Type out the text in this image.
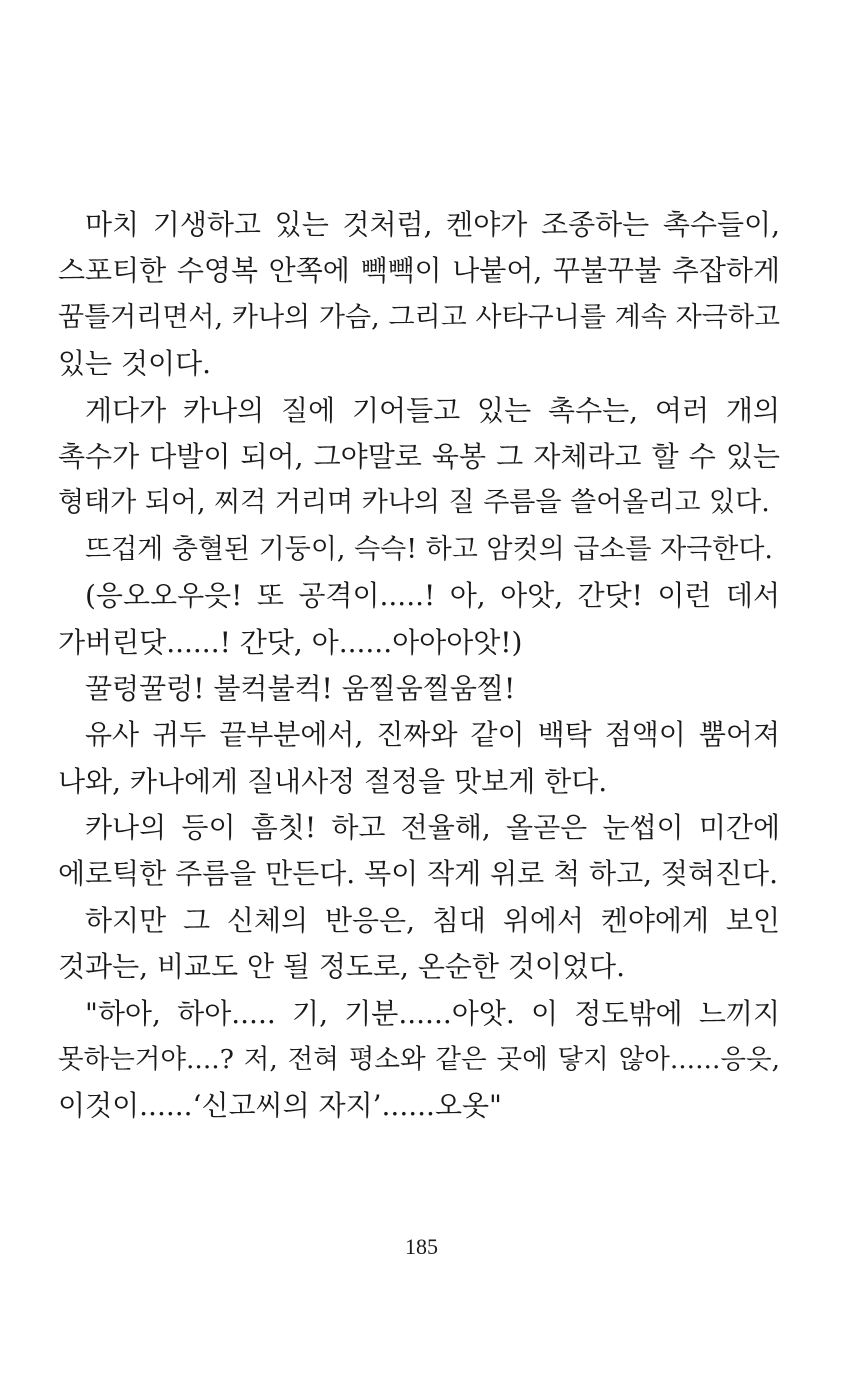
마치 기생하고 있는 것처럼, 켄야가 조종하는 촉수들이,
스포티한 수영복 안쪽에 빽빽이 나붙어, 꾸불꾸불 추잡하게
꿈틀거리면서, 카나의 가슴, 그리고 사타구니를 계속 자극하고
있는 것이다.

게다가 카나의 질에 기어들고 있는 촉수는, 여러 개의
촉수가 다발이 되어, 그야말로 육봉 그 자체라고 할 수 있는
형태가 되어, 찌걱 거리며 카나의 질 주름을 쓸어올리고 있다.

뜨겁게 충혈된 기둥이, 슥슥! 하고 암컷의 급소를 자극한다.

(응오오우읏! 또 공격이.....! 아, 아앗, 간닷! 이런 데서
가버린닷......! 간닷, 아......아아아앗!)

꿀렁꿀렁! 불컥불컥! 움찔움찔움찔!

유사 귀두 끝부분에서, 진짜와 같이 백탁 점액이 뿜어져
나와, 카나에게 질내사정 절정을 맛보게 한다.

카나의 등이 흠칫! 하고 전율해, 올곧은 눈썹이 미간에
에로틱한 주름을 만든다. 목이 작게 위로 척 하고, 젖혀진다.

하지만 그 신체의 반응은, 침대 위에서 켄야에게 보인
것과는, 비교도 안 될 정도로, 온순한 것이었다.

"하아, 하아..... 기, 기분......아앗. 이 정도밖에 느끼지
못하는거야....? 저, 전혀 평소와 같은 곳에 닿지 않아......응읏,
이것이......‘신고씨의 자지’......오옷"

185
